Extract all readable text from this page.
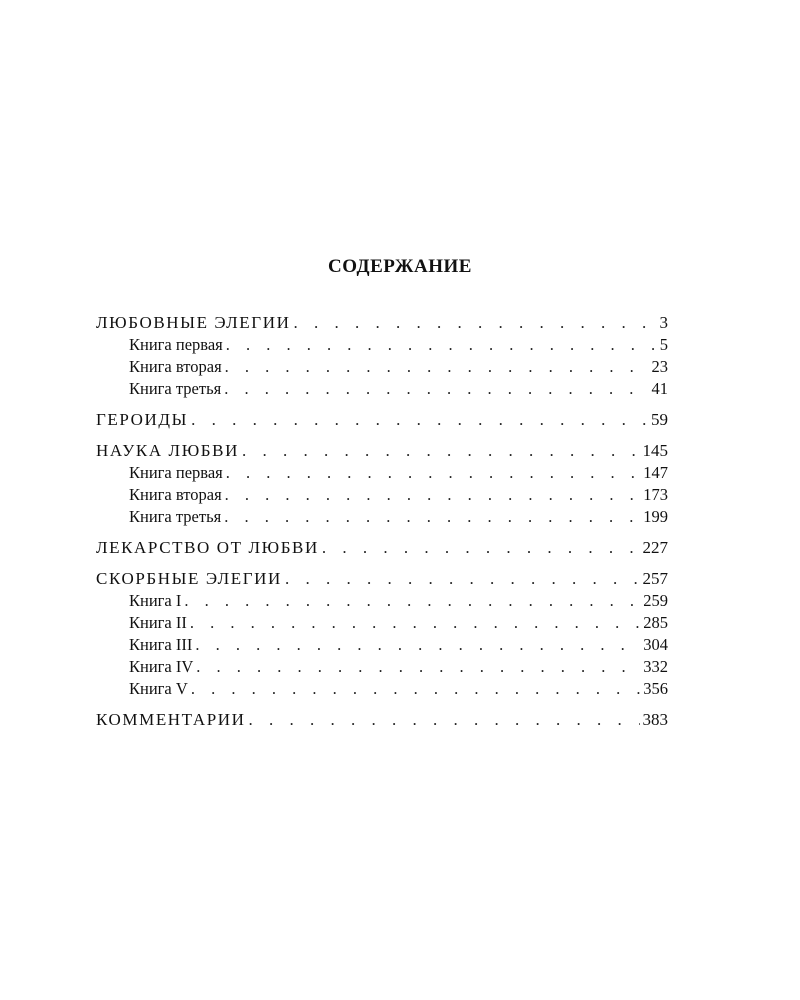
СОДЕРЖАНИЕ
ЛЮБОВНЫЕ ЭЛЕГИИ . . .	3
Книга первая . . .	5
Книга вторая . . .	23
Книга третья . . .	41
ГЕРОИДЫ . . .	59
НАУКА ЛЮБВИ . . .	145
Книга первая . . .	147
Книга вторая . . .	173
Книга третья . . .	199
ЛЕКАРСТВО ОТ ЛЮБВИ . . .	227
СКОРБНЫЕ ЭЛЕГИИ . . .	257
Книга I . . .	259
Книга II . . .	285
Книга III . . .	304
Книга IV . . .	332
Книга V . . .	356
КОММЕНТАРИИ . . .	383
